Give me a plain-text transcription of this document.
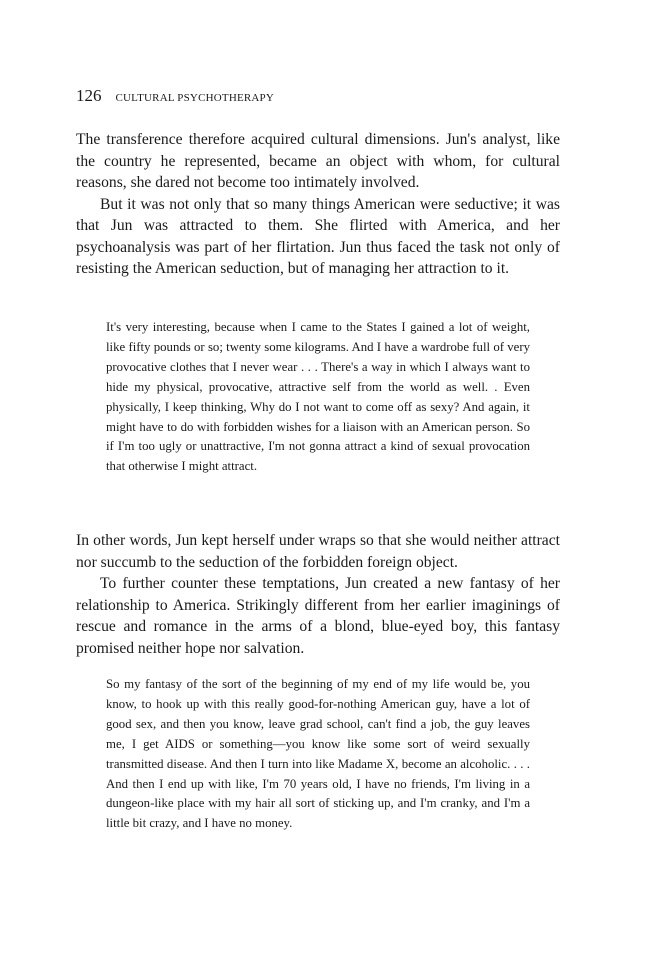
126 CULTURAL PSYCHOTHERAPY

The transference therefore acquired cultural dimensions. Jun's analyst, like the country he represented, became an object with whom, for cultural reasons, she dared not become too intimately involved.

But it was not only that so many things American were seductive; it was that Jun was attracted to them. She flirted with America, and her psychoanalysis was part of her flirtation. Jun thus faced the task not only of resisting the American seduction, but of managing her attraction to it.

It's very interesting, because when I came to the States I gained a lot of weight, like fifty pounds or so; twenty some kilograms. And I have a wardrobe full of very provocative clothes that I never wear . . . There's a way in which I always want to hide my physical, provocative, attractive self from the world as well. . Even physically, I keep thinking, Why do I not want to come off as sexy? And again, it might have to do with forbidden wishes for a liaison with an American person. So if I'm too ugly or unattractive, I'm not gonna attract a kind of sexual provocation that otherwise I might attract.

In other words, Jun kept herself under wraps so that she would neither attract nor succumb to the seduction of the forbidden foreign object.

To further counter these temptations, Jun created a new fantasy of her relationship to America. Strikingly different from her earlier imaginings of rescue and romance in the arms of a blond, blue-eyed boy, this fantasy promised neither hope nor salvation.

So my fantasy of the sort of the beginning of my end of my life would be, you know, to hook up with this really good-for-nothing American guy, have a lot of good sex, and then you know, leave grad school, can't find a job, the guy leaves me, I get AIDS or something—you know like some sort of weird sexually transmitted disease. And then I turn into like Madame X, become an alcoholic. . . . And then I end up with like, I'm 70 years old, I have no friends, I'm living in a dungeon-like place with my hair all sort of sticking up, and I'm cranky, and I'm a little bit crazy, and I have no money.
